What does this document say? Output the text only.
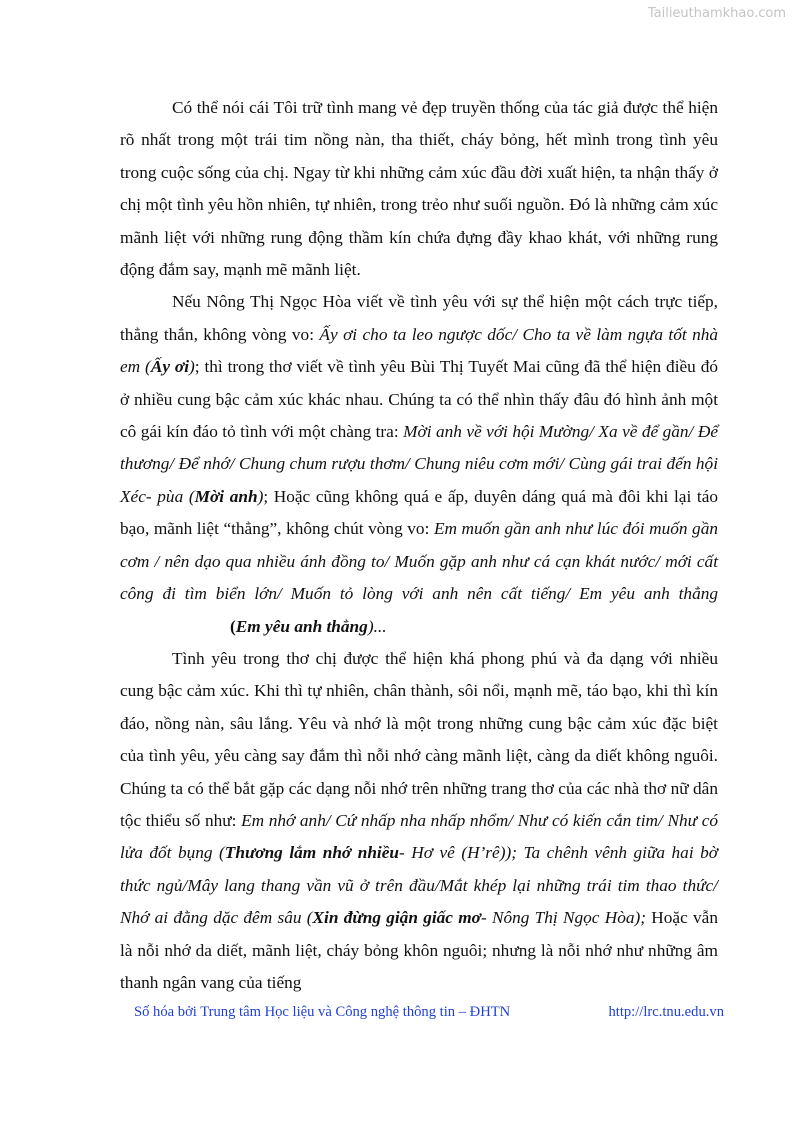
Tailieuthamkhao.com

Có thể nói cái Tôi trữ tình mang vẻ đẹp truyền thống của tác giả được thể hiện rõ nhất trong một trái tim nồng nàn, tha thiết, cháy bỏng, hết mình trong tình yêu trong cuộc sống của chị. Ngay từ khi những cảm xúc đầu đời xuất hiện, ta nhận thấy ở chị một tình yêu hồn nhiên, tự nhiên, trong trẻo như suối nguồn. Đó là những cảm xúc mãnh liệt với những rung động thầm kín chứa đựng đầy khao khát, với những rung động đắm say, mạnh mẽ mãnh liệt.

Nếu Nông Thị Ngọc Hòa viết về tình yêu với sự thể hiện một cách trực tiếp, thẳng thắn, không vòng vo: Ấy ơi cho ta leo ngược dốc/ Cho ta về làm ngựa tốt nhà em (Ấy ơi); thì trong thơ viết về tình yêu Bùi Thị Tuyết Mai cũng đã thể hiện điều đó ở nhiều cung bậc cảm xúc khác nhau. Chúng ta có thể nhìn thấy đâu đó hình ảnh một cô gái kín đáo tỏ tình với một chàng tra: Mời anh về với hội Mường/ Xa về để gần/ Để thương/ Để nhớ/ Chung chum rượu thơm/ Chung niêu cơm mới/ Cùng gái trai đến hội Xéc- pùa (Mời anh); Hoặc cũng không quá e ấp, duyên dáng quá mà đôi khi lại táo bạo, mãnh liệt “thẳng”, không chút vòng vo: Em muốn gần anh như lúc đói muốn gần cơm / nên dạo qua nhiều ánh đồng to/ Muốn gặp anh như cá cạn khát nước/ mới cất công đi tìm biển lớn/ Muốn tỏ lòng với anh nên cất tiếng/ Em yêu anh thẳng(Em yêu anh thẳng)...

Tình yêu trong thơ chị được thể hiện khá phong phú và đa dạng với nhiều cung bậc cảm xúc. Khi thì tự nhiên, chân thành, sôi nổi, mạnh mẽ, táo bạo, khi thì kín đáo, nồng nàn, sâu lắng. Yêu và nhớ là một trong những cung bậc cảm xúc đặc biệt của tình yêu, yêu càng say đắm thì nỗi nhớ càng mãnh liệt, càng da diết không nguôi. Chúng ta có thể bắt gặp các dạng nỗi nhớ trên những trang thơ của các nhà thơ nữ dân tộc thiểu số như: Em nhớ anh/ Cứ nhấp nha nhấp nhổm/ Như có kiến cắn tim/ Như có lửa đốt bụng (Thương lắm nhớ nhiều- Hơ vê (H’rê)); Ta chênh vênh giữa hai bờ thức ngủ/Mây lang thang vần vũ ở trên đầu/Mắt khép lại những trái tim thao thức/ Nhớ ai đằng dặc đêm sâu (Xin đừng giận giấc mơ- Nông Thị Ngọc Hòa); Hoặc vẫn là nỗi nhớ da diết, mãnh liệt, cháy bỏng khôn nguôi; nhưng là nỗi nhớ như những âm thanh ngân vang của tiếng

Số hóa bởi Trung tâm Học liệu và Công nghệ thông tin – ĐHTN	http://lrc.tnu.edu.vn
